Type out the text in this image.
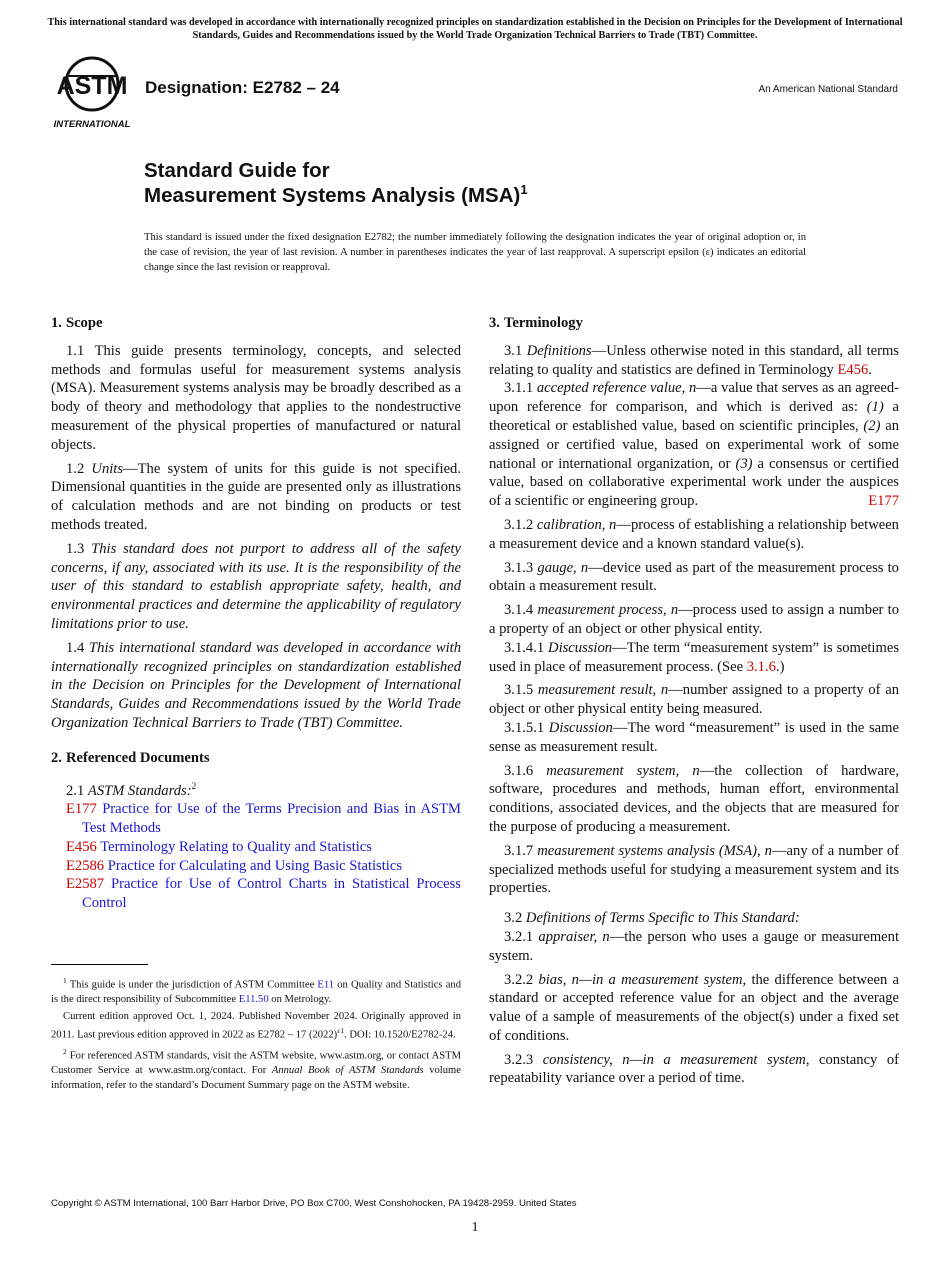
This international standard was developed in accordance with internationally recognized principles on standardization established in the Decision on Principles for the Development of International Standards, Guides and Recommendations issued by the World Trade Organization Technical Barriers to Trade (TBT) Committee.
ASTM
INTERNATIONAL
Designation: E2782 – 24	An American National Standard
Standard Guide for
Measurement Systems Analysis (MSA)$^1$
This standard is issued under the fixed designation E2782; the number immediately following the designation indicates the year of original adoption or, in the case of revision, the year of last revision. A number in parentheses indicates the year of last reapproval. A superscript epsilon (ε) indicates an editorial change since the last revision or reapproval.
1. Scope

1.1 This guide presents terminology, concepts, and selected methods and formulas useful for measurement systems analysis (MSA). Measurement systems analysis may be broadly described as a body of theory and methodology that applies to the nondestructive measurement of the physical properties of manufactured or natural objects.

1.2 Units—The system of units for this guide is not specified. Dimensional quantities in the guide are presented only as illustrations of calculation methods and are not binding on products or test methods treated.

1.3 This standard does not purport to address all of the safety concerns, if any, associated with its use. It is the responsibility of the user of this standard to establish appropriate safety, health, and environmental practices and determine the applicability of regulatory limitations prior to use.

1.4 This international standard was developed in accordance with internationally recognized principles on standardization established in the Decision on Principles for the Development of International Standards, Guides and Recommendations issued by the World Trade Organization Technical Barriers to Trade (TBT) Committee.

2. Referenced Documents

2.1 ASTM Standards:$^2$

E177 Practice for Use of the Terms Precision and Bias in ASTM Test Methods

E456 Terminology Relating to Quality and Statistics

E2586 Practice for Calculating and Using Basic Statistics

E2587 Practice for Use of Control Charts in Statistical Process Control

3. Terminology

3.1 Definitions—Unless otherwise noted in this standard, all terms relating to quality and statistics are defined in Terminology E456.

3.1.1 accepted reference value, n—a value that serves as an agreed-upon reference for comparison, and which is derived as: (1) a theoretical or established value, based on scientific principles, (2) an assigned or certified value, based on experimental work of some national or international organization, or (3) a consensus or certified value, based on collaborative experimental work under the auspices of a scientific or engineering group.	E177

3.1.2 calibration, n—process of establishing a relationship between a measurement device and a known standard value(s).

3.1.3 gauge, n—device used as part of the measurement process to obtain a measurement result.

3.1.4 measurement process, n—process used to assign a number to a property of an object or other physical entity.

3.1.4.1 Discussion—The term “measurement system” is sometimes used in place of measurement process. (See 3.1.6.)

3.1.5 measurement result, n—number assigned to a property of an object or other physical entity being measured.

3.1.5.1 Discussion—The word “measurement” is used in the same sense as measurement result.

3.1.6 measurement system, n—the collection of hardware, software, procedures and methods, human effort, environmental conditions, associated devices, and the objects that are measured for the purpose of producing a measurement.

3.1.7 measurement systems analysis (MSA), n—any of a number of specialized methods useful for studying a measurement system and its properties.

3.2 Definitions of Terms Specific to This Standard:

3.2.1 appraiser, n—the person who uses a gauge or measurement system.

3.2.2 bias, n—in a measurement system, the difference between a standard or accepted reference value for an object and the average value of a sample of measurements of the object(s) under a fixed set of conditions.

3.2.3 consistency, n—in a measurement system, constancy of repeatability variance over a period of time.

$^1$ This guide is under the jurisdiction of ASTM Committee E11 on Quality and Statistics and is the direct responsibility of Subcommittee E11.50 on Metrology.

Current edition approved Oct. 1, 2024. Published November 2024. Originally approved in 2011. Last previous edition approved in 2022 as E2782 – 17 $(2022)^{\varepsilon 1}$. DOI: 10.1520/E2782-24.

$^2$ For referenced ASTM standards, visit the ASTM website, www.astm.org, or contact ASTM Customer Service at www.astm.org/contact. For Annual Book of ASTM Standards volume information, refer to the standard’s Document Summary page on the ASTM website.

Copyright © ASTM International, 100 Barr Harbor Drive, PO Box C700, West Conshohocken, PA 19428-2959. United States
1
